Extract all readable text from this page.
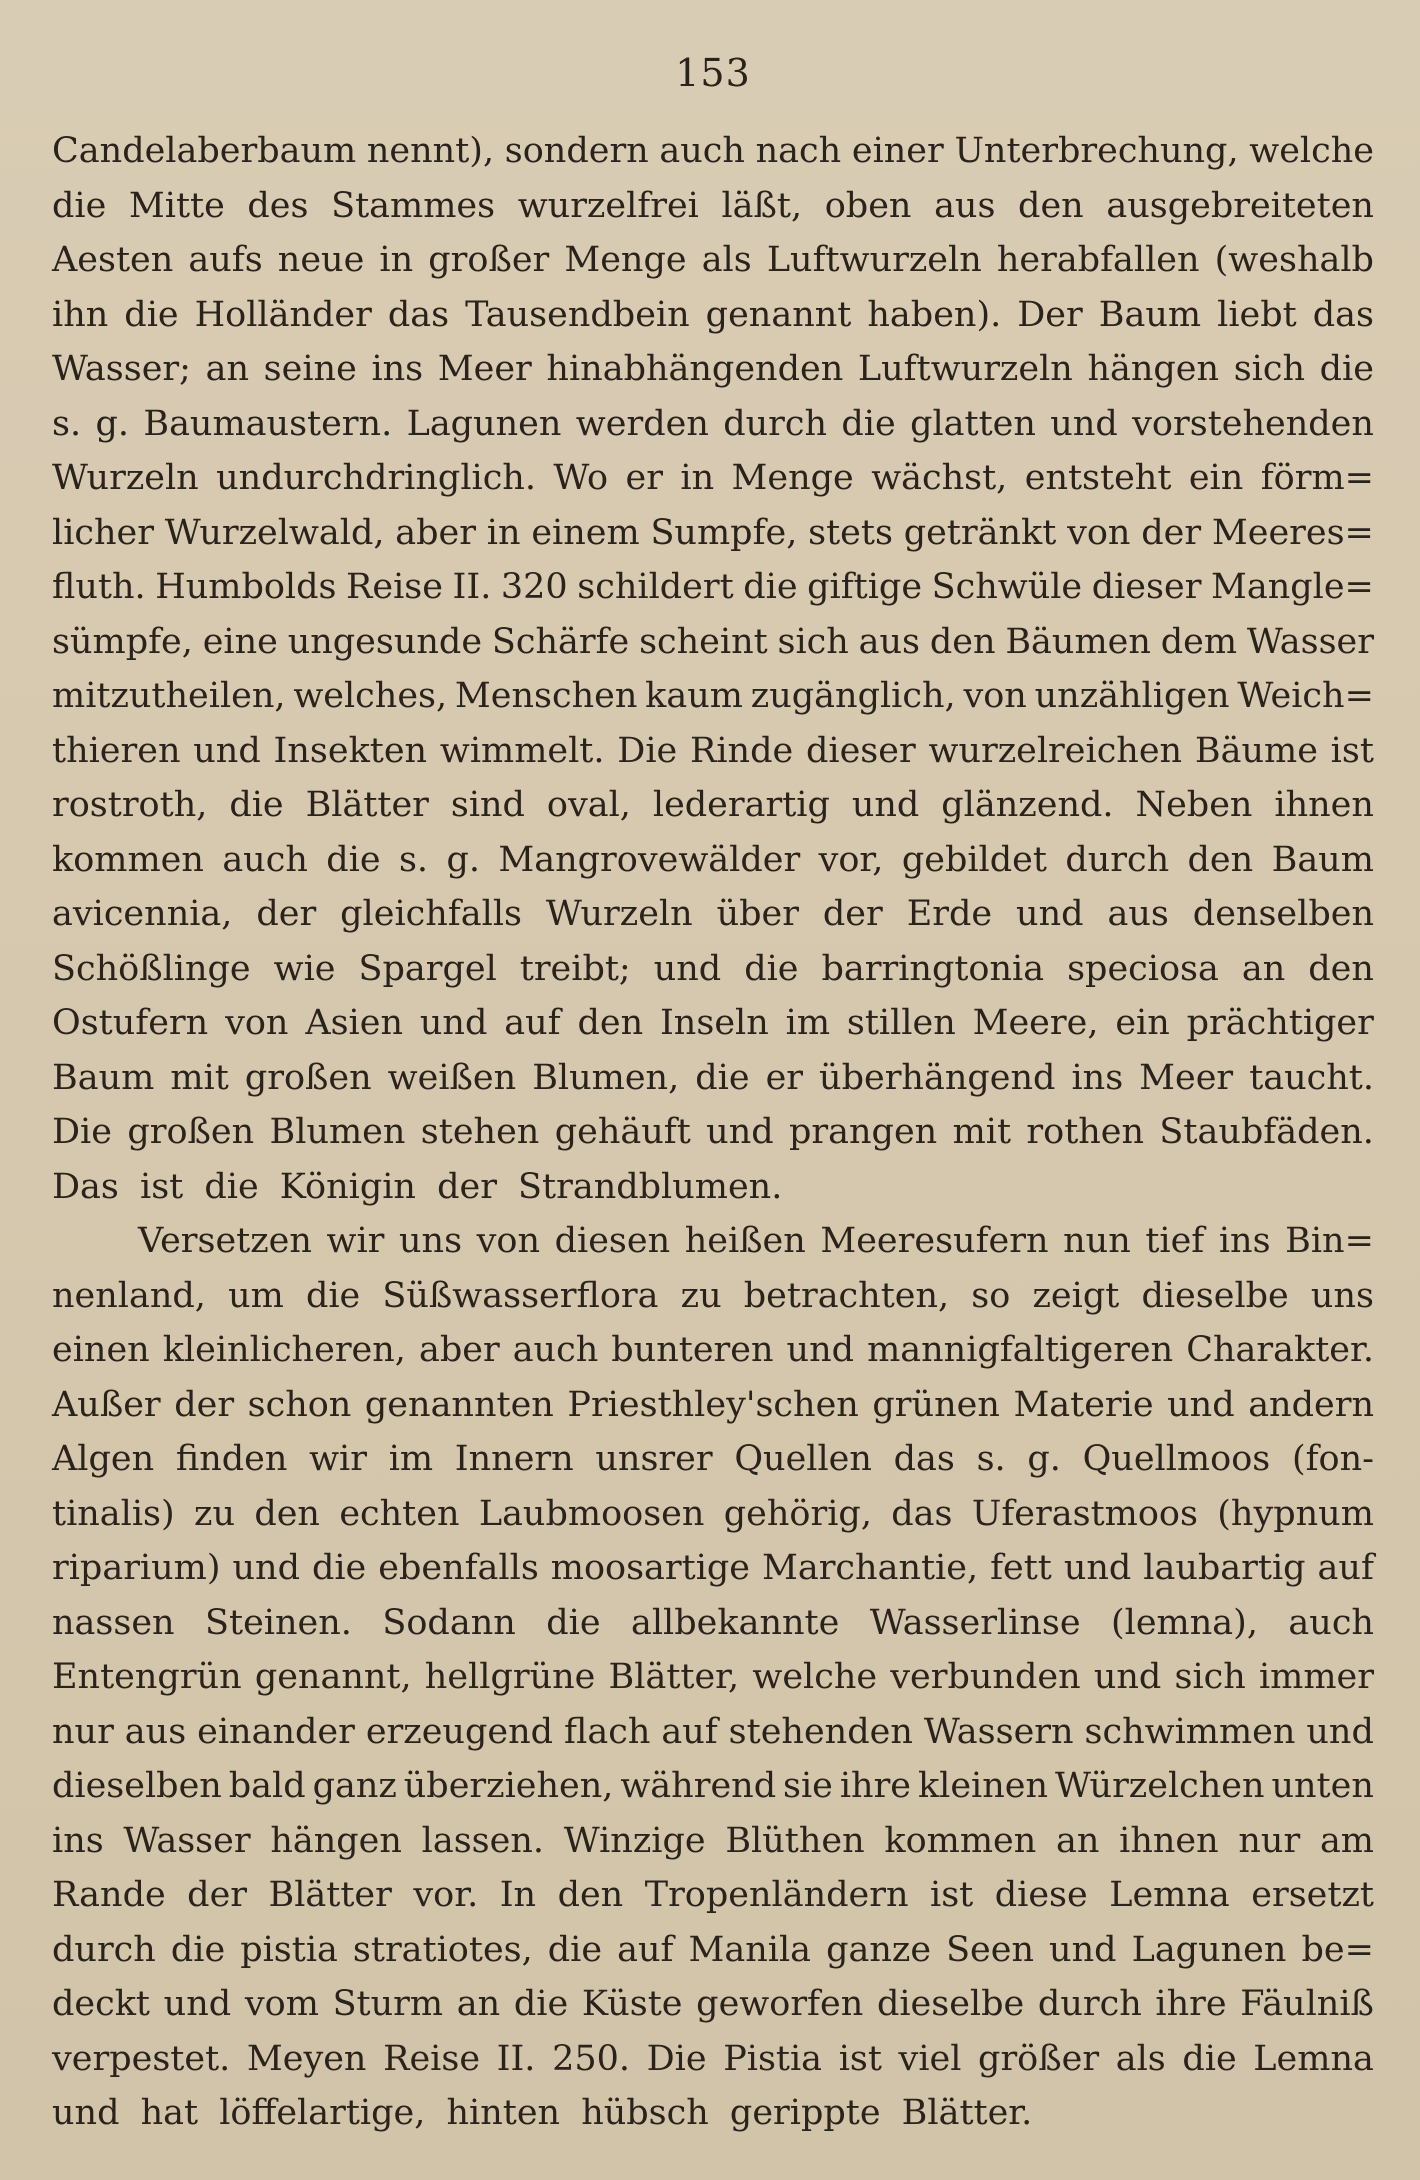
153
Candelaberbaum nennt), sondern auch nach einer Unterbrechung, welche
die Mitte des Stammes wurzelfrei läßt, oben aus den ausgebreiteten
Aesten aufs neue in großer Menge als Luftwurzeln herabfallen (weshalb
ihn die Holländer das Tausendbein genannt haben). Der Baum liebt das
Wasser; an seine ins Meer hinabhängenden Luftwurzeln hängen sich die
s. g. Baumaustern. Lagunen werden durch die glatten und vorstehenden
Wurzeln undurchdringlich. Wo er in Menge wächst, entsteht ein förm=
licher Wurzelwald, aber in einem Sumpfe, stets getränkt von der Meeres=
fluth. Humbolds Reise II. 320 schildert die giftige Schwüle dieser Mangle=
sümpfe, eine ungesunde Schärfe scheint sich aus den Bäumen dem Wasser
mitzutheilen, welches, Menschen kaum zugänglich, von unzähligen Weich=
thieren und Insekten wimmelt. Die Rinde dieser wurzelreichen Bäume ist
rostroth, die Blätter sind oval, lederartig und glänzend. Neben ihnen
kommen auch die s. g. Mangrovewälder vor, gebildet durch den Baum
avicennia, der gleichfalls Wurzeln über der Erde und aus denselben
Schößlinge wie Spargel treibt; und die barringtonia speciosa an den
Ostufern von Asien und auf den Inseln im stillen Meere, ein prächtiger
Baum mit großen weißen Blumen, die er überhängend ins Meer taucht.
Die großen Blumen stehen gehäuft und prangen mit rothen Staubfäden.
Das ist die Königin der Strandblumen.
Versetzen wir uns von diesen heißen Meeresufern nun tief ins Bin=
nenland, um die Süßwasserflora zu betrachten, so zeigt dieselbe uns
einen kleinlicheren, aber auch bunteren und mannigfaltigeren Charakter.
Außer der schon genannten Priesthley'schen grünen Materie und andern
Algen finden wir im Innern unsrer Quellen das s. g. Quellmoos (fon-
tinalis) zu den echten Laubmoosen gehörig, das Uferastmoos (hypnum
riparium) und die ebenfalls moosartige Marchantie, fett und laubartig auf
nassen Steinen. Sodann die allbekannte Wasserlinse (lemna), auch
Entengrün genannt, hellgrüne Blätter, welche verbunden und sich immer
nur aus einander erzeugend flach auf stehenden Wassern schwimmen und
dieselben bald ganz überziehen, während sie ihre kleinen Würzelchen unten
ins Wasser hängen lassen. Winzige Blüthen kommen an ihnen nur am
Rande der Blätter vor. In den Tropenländern ist diese Lemna ersetzt
durch die pistia stratiotes, die auf Manila ganze Seen und Lagunen be=
deckt und vom Sturm an die Küste geworfen dieselbe durch ihre Fäulniß
verpestet. Meyen Reise II. 250. Die Pistia ist viel größer als die Lemna
und hat löffelartige, hinten hübsch gerippte Blätter.
